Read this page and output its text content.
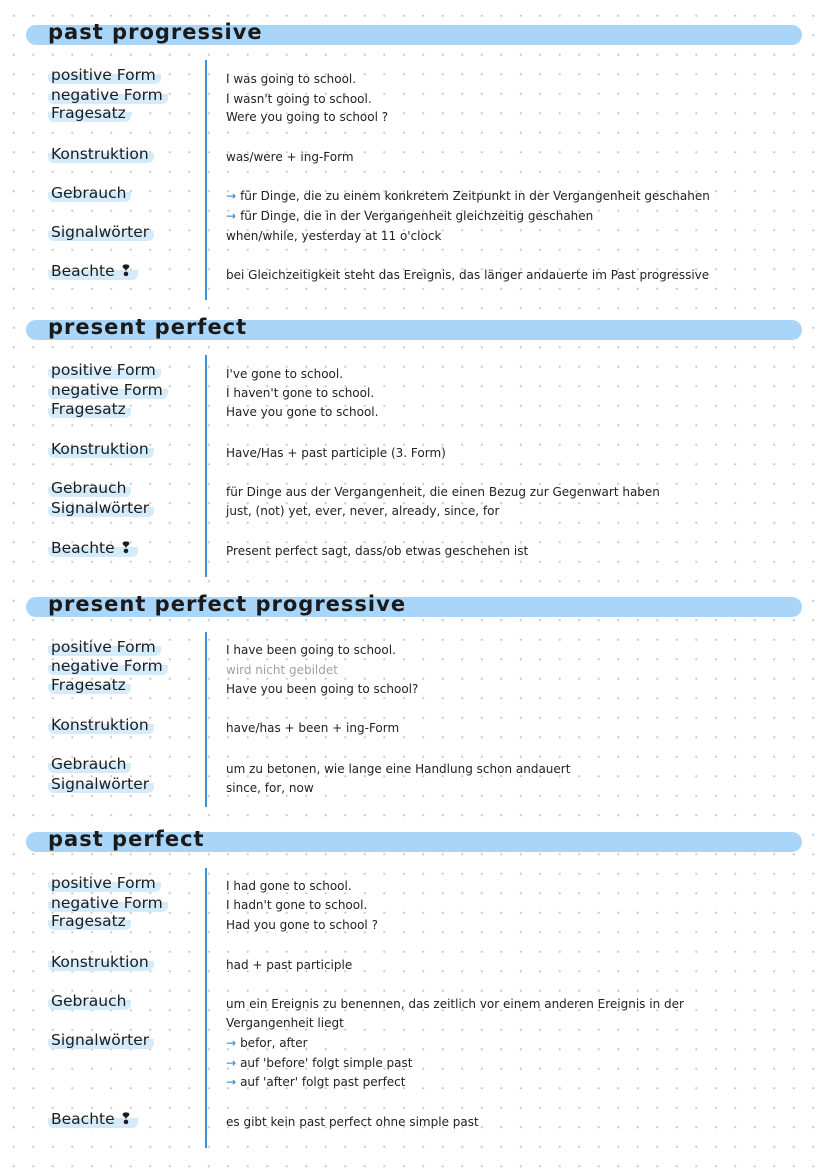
past progressive
positive Form
negative Form
Fragesatz
Konstruktion
Gebrauch
Signalwörter
Beachte ❢
I was going to school.
I wasn't going to school.
Were you going to school ?
was/were + ing-Form
→ für Dinge, die zu einem konkretem Zeitpunkt in der Vergangenheit geschahen
→ für Dinge, die in der Vergangenheit gleichzeitig geschahen
when/while, yesterday at 11 o'clock
bei Gleichzeitigkeit steht das Ereignis, das länger andauerte im Past progressive
present perfect
positive Form
negative Form
Fragesatz
Konstruktion
Gebrauch
Signalwörter
Beachte ❢
I've gone to school.
I haven't gone to school.
Have you gone to school.
Have/Has + past participle (3. Form)
für Dinge aus der Vergangenheit, die einen Bezug zur Gegenwart haben
just, (not) yet, ever, never, already, since, for
Present perfect sagt, dass/ob etwas geschehen ist
present perfect progressive
positive Form
negative Form
Fragesatz
Konstruktion
Gebrauch
Signalwörter
I have been going to school.
wird nicht gebildet
Have you been going to school?
have/has + been + ing-Form
um zu betonen, wie lange eine Handlung schon andauert
since, for, now
past perfect
positive Form
negative Form
Fragesatz
Konstruktion
Gebrauch
Signalwörter
Beachte ❢
I had gone to school.
I hadn't gone to school.
Had you gone to school ?
had + past participle
um ein Ereignis zu benennen, das zeitlich vor einem anderen Ereignis in der
Vergangenheit liegt
→ befor, after
→ auf 'before' folgt simple past
→ auf 'after' folgt past perfect
es gibt kein past perfect ohne simple past
